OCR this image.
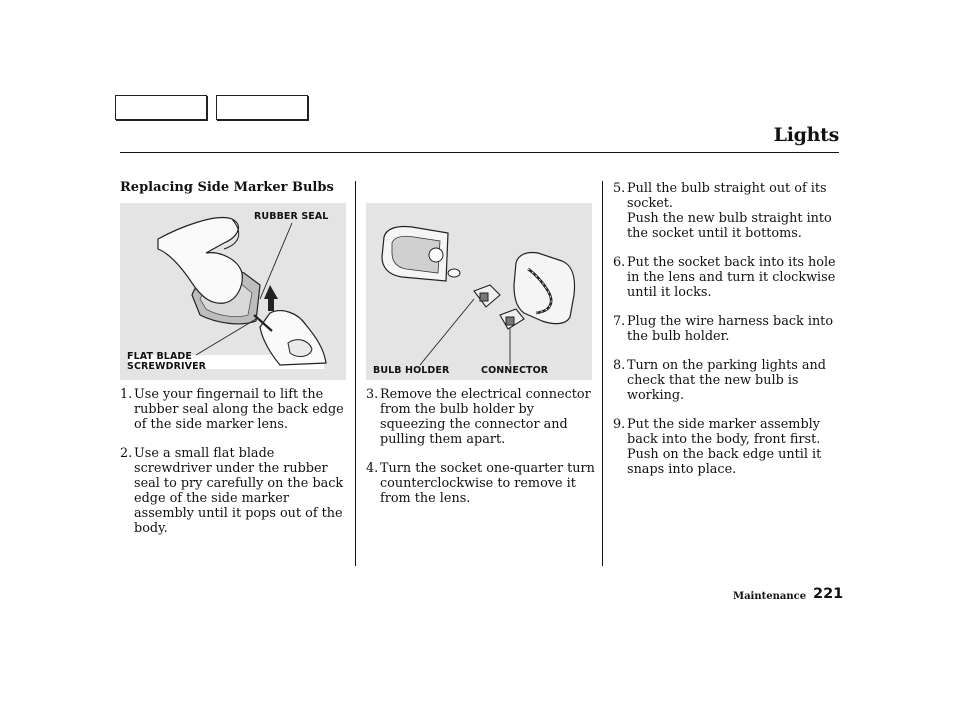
Lights
Replacing Side Marker Bulbs
RUBBER SEAL
FLAT BLADE
SCREWDRIVER	BULB HOLDER	CONNECTOR
1. Use your fingernail to lift the rubber seal along the back edge of the side marker lens.
2. Use a small flat blade screwdriver under the rubber seal to pry carefully on the back edge of the side marker assembly until it pops out of the body.
3. Remove the electrical connector from the bulb holder by squeezing the connector and pulling them apart.
4. Turn the socket one-quarter turn counterclockwise to remove it from the lens.
5. Pull the bulb straight out of its socket.
Push the new bulb straight into the socket until it bottoms.
6. Put the socket back into its hole in the lens and turn it clockwise until it locks.
7. Plug the wire harness back into the bulb holder.
8. Turn on the parking lights and check that the new bulb is working.
9. Put the side marker assembly back into the body, front first. Push on the back edge until it snaps into place.
Maintenance 221
